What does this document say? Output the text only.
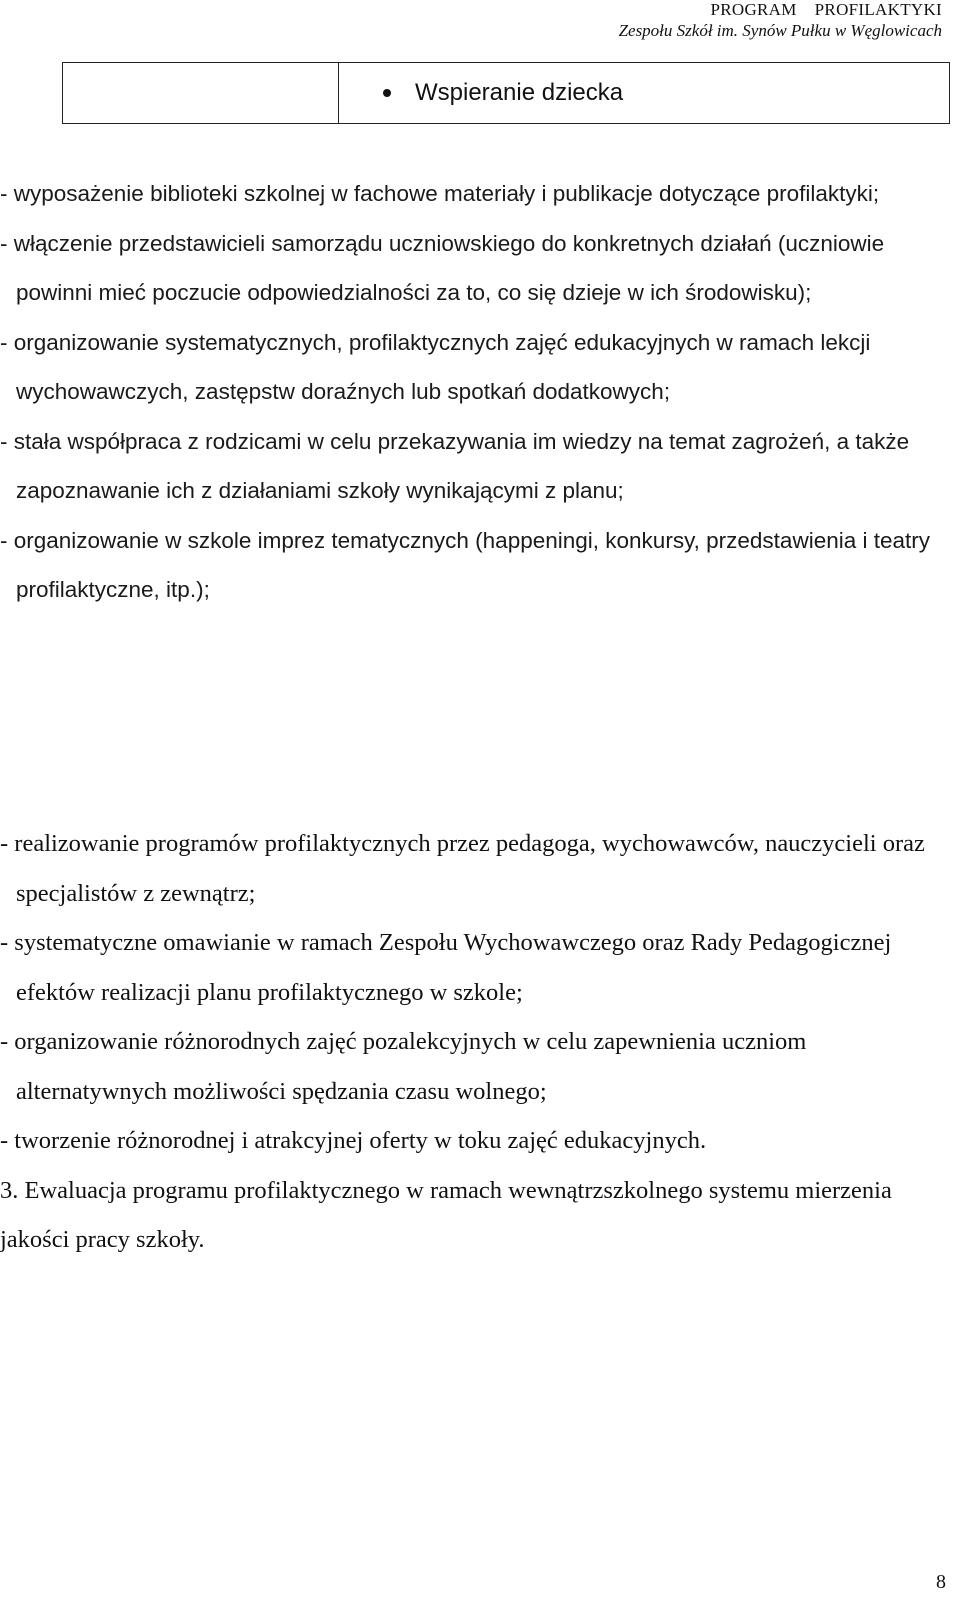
PROGRAM PROFILAKTYKI
Zespołu Szkół im. Synów Pułku w Węglowicach
Wspieranie dziecka
- wyposażenie biblioteki szkolnej w fachowe materiały i publikacje dotyczące profilaktyki;
- włączenie przedstawicieli samorządu uczniowskiego do konkretnych działań (uczniowie powinni mieć poczucie odpowiedzialności za to, co się dzieje w ich środowisku);
- organizowanie systematycznych, profilaktycznych zajęć edukacyjnych w ramach lekcji wychowawczych, zastępstw doraźnych lub spotkań dodatkowych;
- stała współpraca z rodzicami w celu przekazywania im wiedzy na temat zagrożeń, a także zapoznawanie ich z działaniami szkoły wynikającymi z planu;
- organizowanie w szkole imprez tematycznych (happeningi, konkursy, przedstawienia i teatry profilaktyczne, itp.);
- realizowanie programów profilaktycznych przez pedagoga, wychowawców, nauczycieli oraz specjalistów z zewnątrz;
- systematyczne omawianie w ramach Zespołu Wychowawczego oraz Rady Pedagogicznej efektów realizacji planu profilaktycznego w szkole;
- organizowanie różnorodnych zajęć pozalekcyjnych w celu zapewnienia uczniom alternatywnych możliwości spędzania czasu wolnego;
- tworzenie różnorodnej i atrakcyjnej oferty w toku zajęć edukacyjnych.
3. Ewaluacja programu profilaktycznego w ramach wewnątrzszkolnego systemu mierzenia jakości pracy szkoły.
8
